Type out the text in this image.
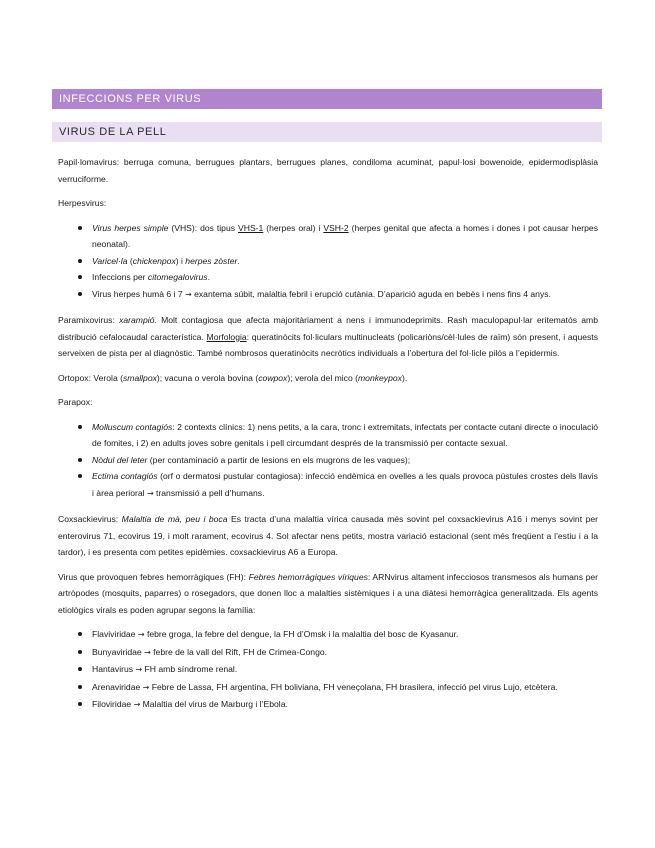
INFECCIONS PER VIRUS
VIRUS DE LA PELL

Papil·lomavirus: berruga comuna, berrugues plantars, berrugues planes, condiloma acuminat, papul·losi bowenoide, epidermodisplàsia verruciforme.

Herpesvirus:

Virus herpes simple (VHS): dos tipus VHS-1 (herpes oral) i VSH-2 (herpes genital que afecta a homes i dones i pot causar herpes neonatal).
Varicel·la (chickenpox) i herpes zòster.
Infeccions per citomegalovirus.
Virus herpes humà 6 i 7 → exantema súbit, malaltia febril i erupció cutània. D’aparició aguda en bebès i nens fins 4 anys.

Paramixovirus: xarampió. Molt contagiosa que afecta majoritàriament a nens i immunodeprimits. Rash maculopapul·lar eritematós amb distribució cefalocaudal característica. Morfologia: queratinòcits fol·liculars multinucleats (policariòns/cèl·lules de raïm) són present, i aquests serveixen de pista per al diagnòstic. També nombrosos queratinòcits necròtics individuals a l’obertura del fol·licle pilós a l’epidermis.

Ortopox: Verola (smallpox); vacuna o verola bovina (cowpox); verola del mico (monkeypox).

Parapox:

Molluscum contagiós: 2 contexts clínics: 1) nens petits, a la cara, tronc i extremitats, infectats per contacte cutani directe o inoculació de fomites, i 2) en adults joves sobre genitals i pell circumdant després de la transmissió per contacte sexual.
Nòdul del leter (per contaminació a partir de lesions en els mugrons de les vaques);
Ectima contagiós (orf o dermatosi pustular contagiosa): infecció endèmica en ovelles a les quals provoca pústules crostes dels llavis i àrea perioral → transmissió a pell d’humans.

Coxsackievirus: Malaltia de mà, peu i boca Es tracta d’una malaltia vírica causada més sovint pel coxsackievirus A16 i menys sovint per enterovirus 71, ecovirus 19, i molt rarament, ecovirus 4. Sol afectar nens petits, mostra variació estacional (sent més freqüent a l’estiu i a la tardor), i es presenta com petites epidèmies. coxsackievirus A6 a Europa.

Virus que provoquen febres hemorràgiques (FH): Febres hemorràgiques víriques: ARNvirus altament infecciosos transmesos als humans per artròpodes (mosquits, paparres) o rosegadors, que donen lloc a malalties sistèmiques i a una diàtesi hemorràgica generalitzada. Els agents etiològics virals es poden agrupar segons la família:

Flaviviridae → febre groga, la febre del dengue, la FH d’Omsk i la malaltia del bosc de Kyasanur.
Bunyaviridae → febre de la vall del Rift, FH de Crimea-Congo.
Hantavirus → FH amb síndrome renal.
Arenaviridae → Febre de Lassa, FH argentina, FH boliviana, FH veneçolana, FH brasilera, infecció pel virus Lujo, etcètera.
Filoviridae → Malaltia del virus de Marburg i l’Ebola.
